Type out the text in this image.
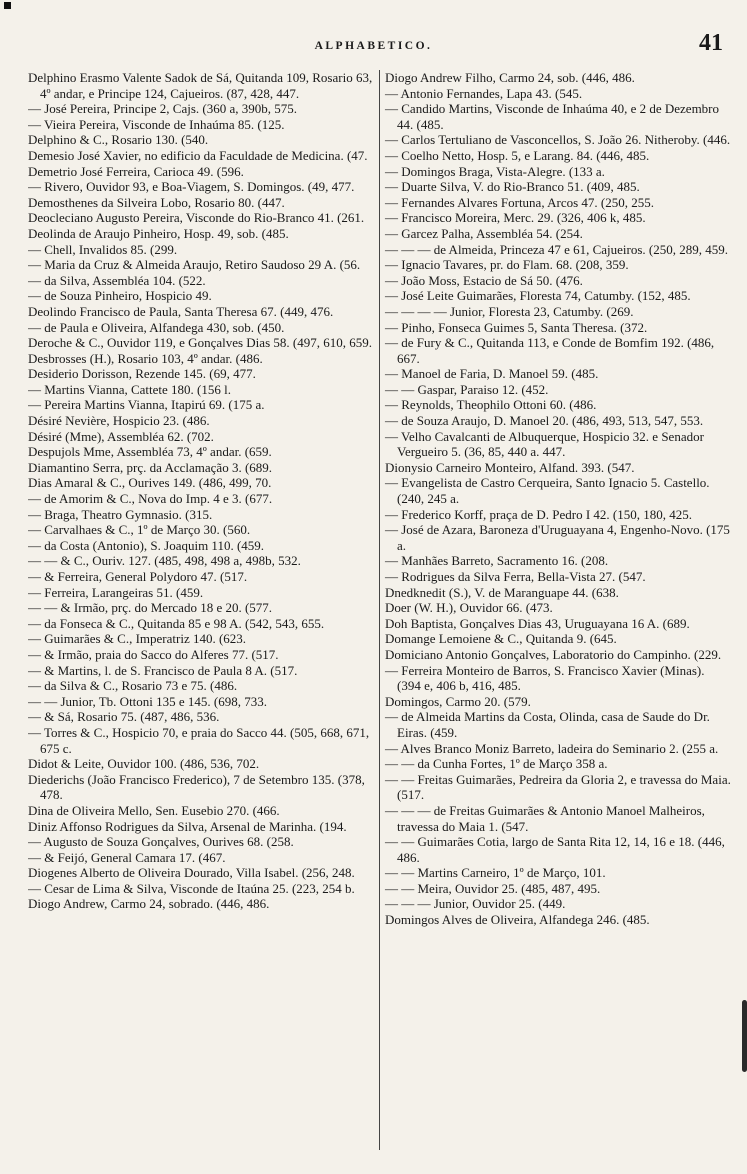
ALPHABETICO.	41
Delphino Erasmo Valente Sadok de Sá, Quitanda 109, Rosario 63, 4º andar, e Principe 124, Cajueiros. (87, 428, 447.
— José Pereira, Principe 2, Cajs. (360 a, 390b, 575.
— Vieira Pereira, Visconde de Inhaúma 85. (125.
Delphino & C., Rosario 130. (540.
Demesio José Xavier, no edificio da Faculdade de Medicina. (47.
Demetrio José Ferreira, Carioca 49. (596.
— Rivero, Ouvidor 93, e Boa-Viagem, S. Domingos. (49, 477.
Demosthenes da Silveira Lobo, Rosario 80. (447.
Deocleciano Augusto Pereira, Visconde do Rio-Branco 41. (261.
Deolinda de Araujo Pinheiro, Hosp. 49, sob. (485.
— Chell, Invalidos 85. (299.
— Maria da Cruz & Almeida Araujo, Retiro Saudoso 29 A. (56.
— da Silva, Assembléa 104. (522.
— de Souza Pinheiro, Hospicio 49.
Deolindo Francisco de Paula, Santa Theresa 67. (449, 476.
— de Paula e Oliveira, Alfandega 430, sob. (450.
Deroche & C., Ouvidor 119, e Gonçalves Dias 58. (497, 610, 659.
Desbrosses (H.), Rosario 103, 4º andar. (486.
Desiderio Dorisson, Rezende 145. (69, 477.
— Martins Vianna, Cattete 180. (156 l.
— Pereira Martins Vianna, Itapirú 69. (175 a.
Désiré Nevière, Hospicio 23. (486.
Désiré (Mme), Assembléa 62. (702.
Despujols Mme, Assembléa 73, 4º andar. (659.
Diamantino Serra, prç. da Acclamação 3. (689.
Dias Amaral & C., Ourives 149. (486, 499, 70.
— de Amorim & C., Nova do Imp. 4 e 3. (677.
— Braga, Theatro Gymnasio. (315.
— Carvalhaes & C., 1º de Março 30. (560.
— da Costa (Antonio), S. Joaquim 110. (459.
— — & C., Ouriv. 127. (485, 498, 498 a, 498b, 532.
— & Ferreira, General Polydoro 47. (517.
— Ferreira, Larangeiras 51. (459.
— — & Irmão, prç. do Mercado 18 e 20. (577.
— da Fonseca & C., Quitanda 85 e 98 A. (542, 543, 655.
— Guimarães & C., Imperatriz 140. (623.
— & Irmão, praia do Sacco do Alferes 77. (517.
— & Martins, l. de S. Francisco de Paula 8 A. (517.
— da Silva & C., Rosario 73 e 75. (486.
— — Junior, Tb. Ottoni 135 e 145. (698, 733.
— & Sá, Rosario 75. (487, 486, 536.
— Torres & C., Hospicio 70, e praia do Sacco 44. (505, 668, 671, 675 c.
Didot & Leite, Ouvidor 100. (486, 536, 702.
Diederichs (João Francisco Frederico), 7 de Setembro 135. (378, 478.
Dina de Oliveira Mello, Sen. Eusebio 270. (466.
Diniz Affonso Rodrigues da Silva, Arsenal de Marinha. (194.
— Augusto de Souza Gonçalves, Ourives 68. (258.
— & Feijó, General Camara 17. (467.
Diogenes Alberto de Oliveira Dourado, Villa Isabel. (256, 248.
— Cesar de Lima & Silva, Visconde de Itaúna 25. (223, 254 b.
Diogo Andrew, Carmo 24, sobrado. (446, 486.
Diogo Andrew Filho, Carmo 24, sob. (446, 486.
— Antonio Fernandes, Lapa 43. (545.
— Candido Martins, Visconde de Inhaúma 40, e 2 de Dezembro 44. (485.
— Carlos Tertuliano de Vasconcellos, S. João 26. Nitheroby. (446.
— Coelho Netto, Hosp. 5, e Larang. 84. (446, 485.
— Domingos Braga, Vista-Alegre. (133 a.
— Duarte Silva, V. do Rio-Branco 51. (409, 485.
— Fernandes Alvares Fortuna, Arcos 47. (250, 255.
— Francisco Moreira, Merc. 29. (326, 406 k, 485.
— Garcez Palha, Assembléa 54. (254.
— — — de Almeida, Princeza 47 e 61, Cajueiros. (250, 289, 459.
— Ignacio Tavares, pr. do Flam. 68. (208, 359.
— João Moss, Estacio de Sá 50. (476.
— José Leite Guimarães, Floresta 74, Catumby. (152, 485.
— — — — Junior, Floresta 23, Catumby. (269.
— Pinho, Fonseca Guimes 5, Santa Theresa. (372.
— de Fury & C., Quitanda 113, e Conde de Bomfim 192. (486, 667.
— Manoel de Faria, D. Manoel 59. (485.
— — Gaspar, Paraiso 12. (452.
— Reynolds, Theophilo Ottoni 60. (486.
— de Souza Araujo, D. Manoel 20. (486, 493, 513, 547, 553.
— Velho Cavalcanti de Albuquerque, Hospicio 32. e Senador Vergueiro 5. (36, 85, 440 a. 447.
Dionysio Carneiro Monteiro, Alfand. 393. (547.
— Evangelista de Castro Cerqueira, Santo Ignacio 5. Castello. (240, 245 a.
— Frederico Korff, praça de D. Pedro I 42. (150, 180, 425.
— José de Azara, Baroneza d'Uruguayana 4, Engenho-Novo. (175 a.
— Manhães Barreto, Sacramento 16. (208.
— Rodrigues da Silva Ferra, Bella-Vista 27. (547.
Dnedknedit (S.), V. de Maranguape 44. (638.
Doer (W. H.), Ouvidor 66. (473.
Doh Baptista, Gonçalves Dias 43, Uruguayana 16 A. (689.
Domange Lemoiene & C., Quitanda 9. (645.
Domiciano Antonio Gonçalves, Laboratorio do Campinho. (229.
— Ferreira Monteiro de Barros, S. Francisco Xavier (Minas). (394 e, 406 b, 416, 485.
Domingos, Carmo 20. (579.
— de Almeida Martins da Costa, Olinda, casa de Saude do Dr. Eiras. (459.
— Alves Branco Moniz Barreto, ladeira do Seminario 2. (255 a.
— — da Cunha Fortes, 1º de Março 358 a.
— — Freitas Guimarães, Pedreira da Gloria 2, e travessa do Maia. (517.
— — — de Freitas Guimarães & Antonio Manoel Malheiros, travessa do Maia 1. (547.
— — Guimarães Cotia, largo de Santa Rita 12, 14, 16 e 18. (446, 486.
— — Martins Carneiro, 1º de Março, 101.
— — Meira, Ouvidor 25. (485, 487, 495.
— — — Junior, Ouvidor 25. (449.
Domingos Alves de Oliveira, Alfandega 246. (485.
